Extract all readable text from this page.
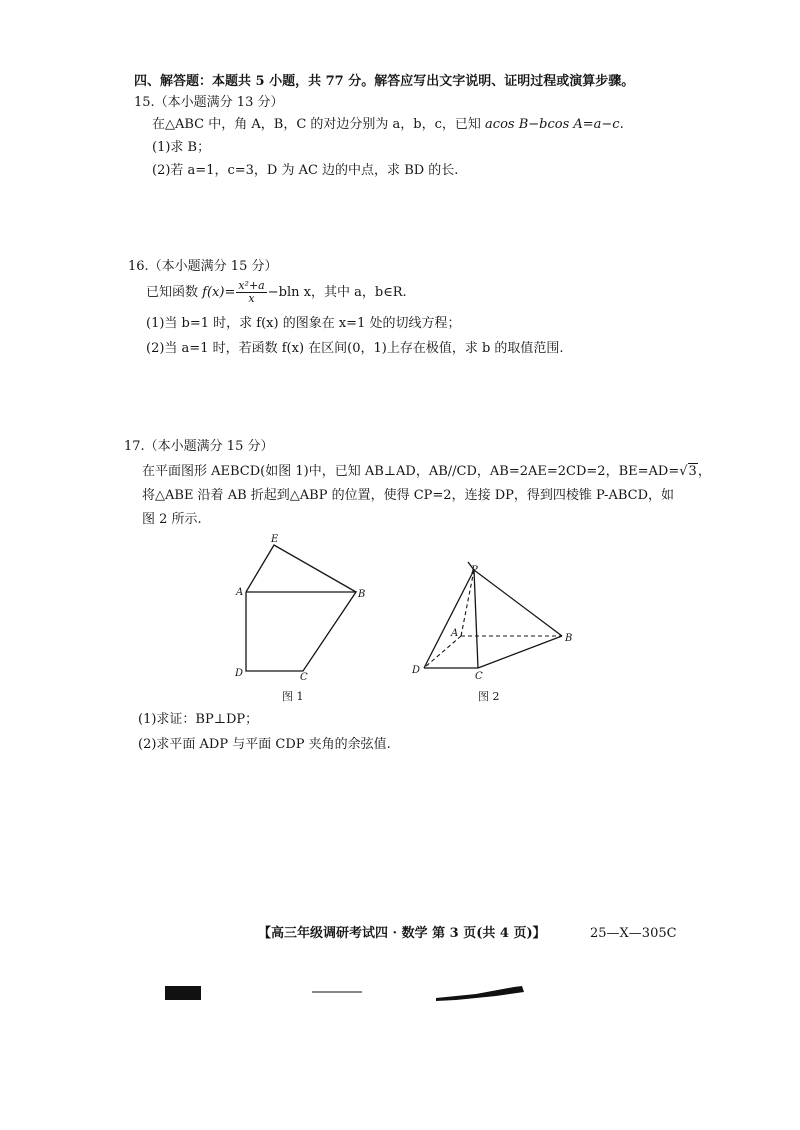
四、解答题：本题共 5 小题，共 77 分。解答应写出文字说明、证明过程或演算步骤。
15.（本小题满分 13 分）
在△ABC 中，角 A，B，C 的对边分别为 a，b，c，已知 acos B−bcos A=a−c.
(1)求 B；
(2)若 a=1，c=3，D 为 AC 边的中点，求 BD 的长.
16.（本小题满分 15 分）
已知函数 $f(x)= \frac{\text{x²+a}}{x} -bln$ x，其中 a，b∈R.
(1)当 b=1 时，求 f(x) 的图象在 x=1 处的切线方程；
(2)当 a=1 时，若函数 f(x) 在区间(0，1)上存在极值，求 b 的取值范围.
17.（本小题满分 15 分）
在平面图形 AEBCD(如图 1)中，已知 AB⊥AD，AB//CD，AB=2AE=2CD=2，BE=AD=√3，
将△ABE 沿着 AB 折起到△ABP 的位置，使得 CP=2，连接 DP，得到四棱锥 P-ABCD，如
图 2 所示.
E
A	B
C
D
图 1
P
A	B
C
D
图 2
(1)求证：BP⊥DP；
(2)求平面 ADP 与平面 CDP 夹角的余弦值.
【高三年级调研考试四 · 数学 第 3 页(共 4 页)】	25—X—305C
